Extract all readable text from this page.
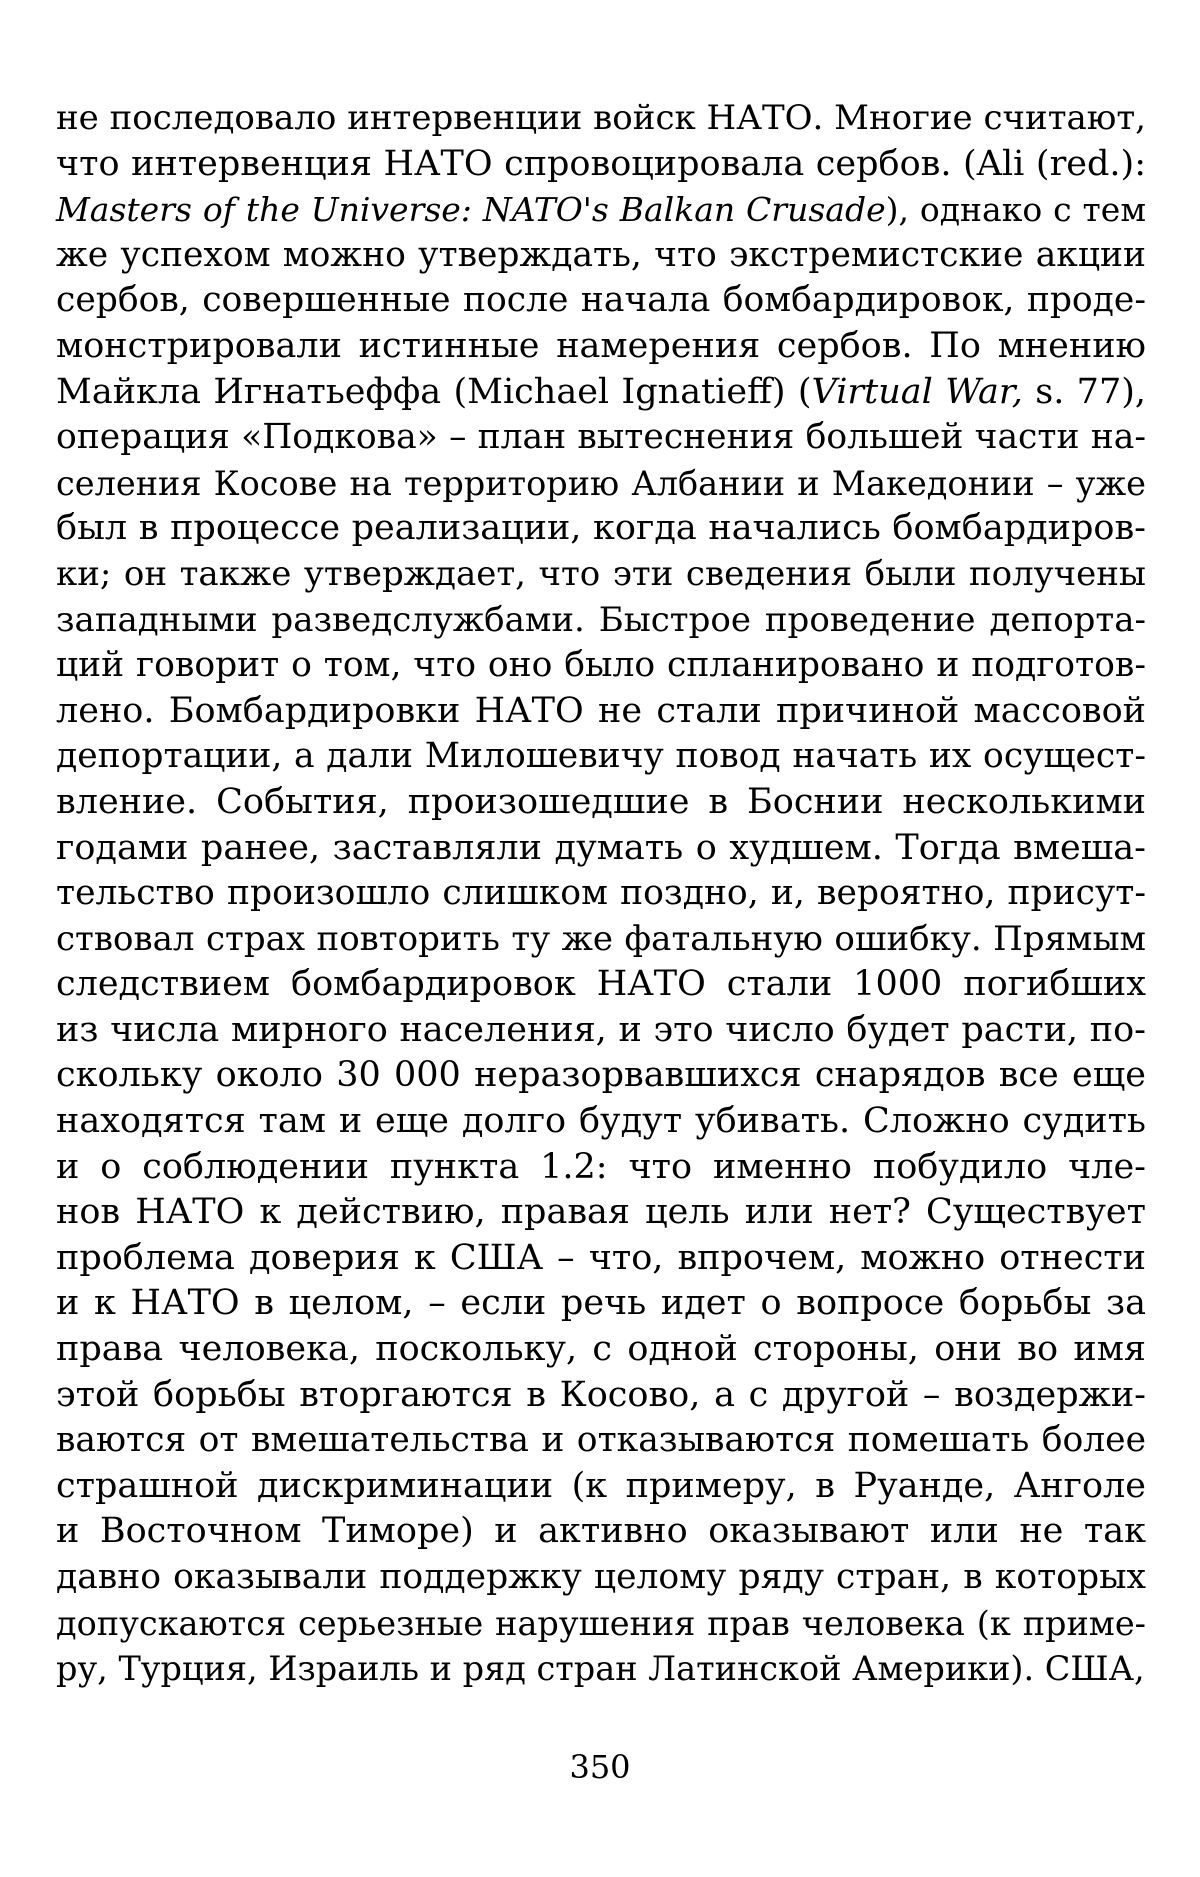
не последовало интервенции войск НАТО. Многие считают,
что интервенция НАТО спровоцировала сербов. (Ali (red.):
Masters of the Universe: NATO's Balkan Crusade), однако с тем
же успехом можно утверждать, что экстремистские акции
сербов, совершенные после начала бомбардировок, проде-
монстрировали истинные намерения сербов. По мнению
Майкла Игнатьеффа (Michael Ignatieff) (Virtual War, s. 77),
операция «Подкова» – план вытеснения большей части на-
селения Косове на территорию Албании и Македонии – уже
был в процессе реализации, когда начались бомбардиров-
ки; он также утверждает, что эти сведения были получены
западными разведслужбами. Быстрое проведение депорта-
ций говорит о том, что оно было спланировано и подготов-
лено. Бомбардировки НАТО не стали причиной массовой
депортации, а дали Милошевичу повод начать их осущест-
вление. События, произошедшие в Боснии несколькими
годами ранее, заставляли думать о худшем. Тогда вмеша-
тельство произошло слишком поздно, и, вероятно, присут-
ствовал страх повторить ту же фатальную ошибку. Прямым
следствием бомбардировок НАТО стали 1000 погибших
из числа мирного населения, и это число будет расти, по-
скольку около 30 000 неразорвавшихся снарядов все еще
находятся там и еще долго будут убивать. Сложно судить
и о соблюдении пункта 1.2: что именно побудило чле-
нов НАТО к действию, правая цель или нет? Существует
проблема доверия к США – что, впрочем, можно отнести
и к НАТО в целом, – если речь идет о вопросе борьбы за
права человека, поскольку, с одной стороны, они во имя
этой борьбы вторгаются в Косово, а с другой – воздержи-
ваются от вмешательства и отказываются помешать более
страшной дискриминации (к примеру, в Руанде, Анголе
и Восточном Тиморе) и активно оказывают или не так
давно оказывали поддержку целому ряду стран, в которых
допускаются серьезные нарушения прав человека (к приме-
ру, Турция, Израиль и ряд стран Латинской Америки). США,
350
